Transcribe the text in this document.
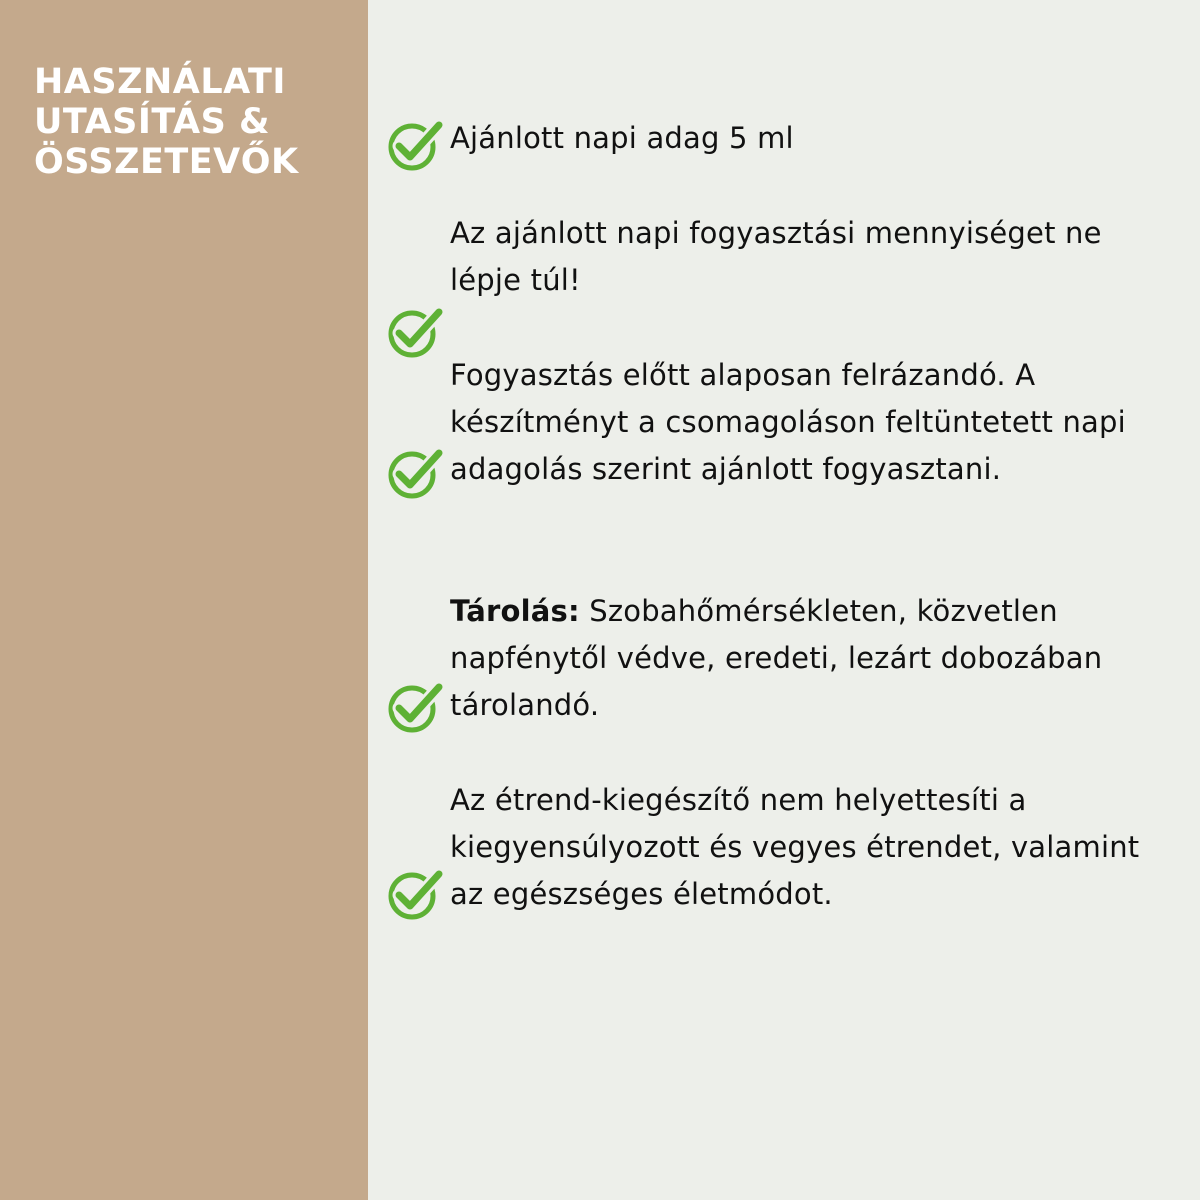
HASZNÁLATI
UTASÍTÁS &
ÖSSZETEVŐK

Ajánlott napi adag 5 ml

Az ajánlott napi fogyasztási mennyiséget ne lépje túl!

Fogyasztás előtt alaposan felrázandó. A készítményt a csomagoláson feltüntetett napi adagolás szerint ajánlott fogyasztani.

Tárolás: Szobahőmérsékleten, közvetlen napfénytől védve, eredeti, lezárt dobozában tárolandó.

Az étrend-kiegészítő nem helyettesíti a kiegyensúlyozott és vegyes étrendet, valamint az egészséges életmódot.
